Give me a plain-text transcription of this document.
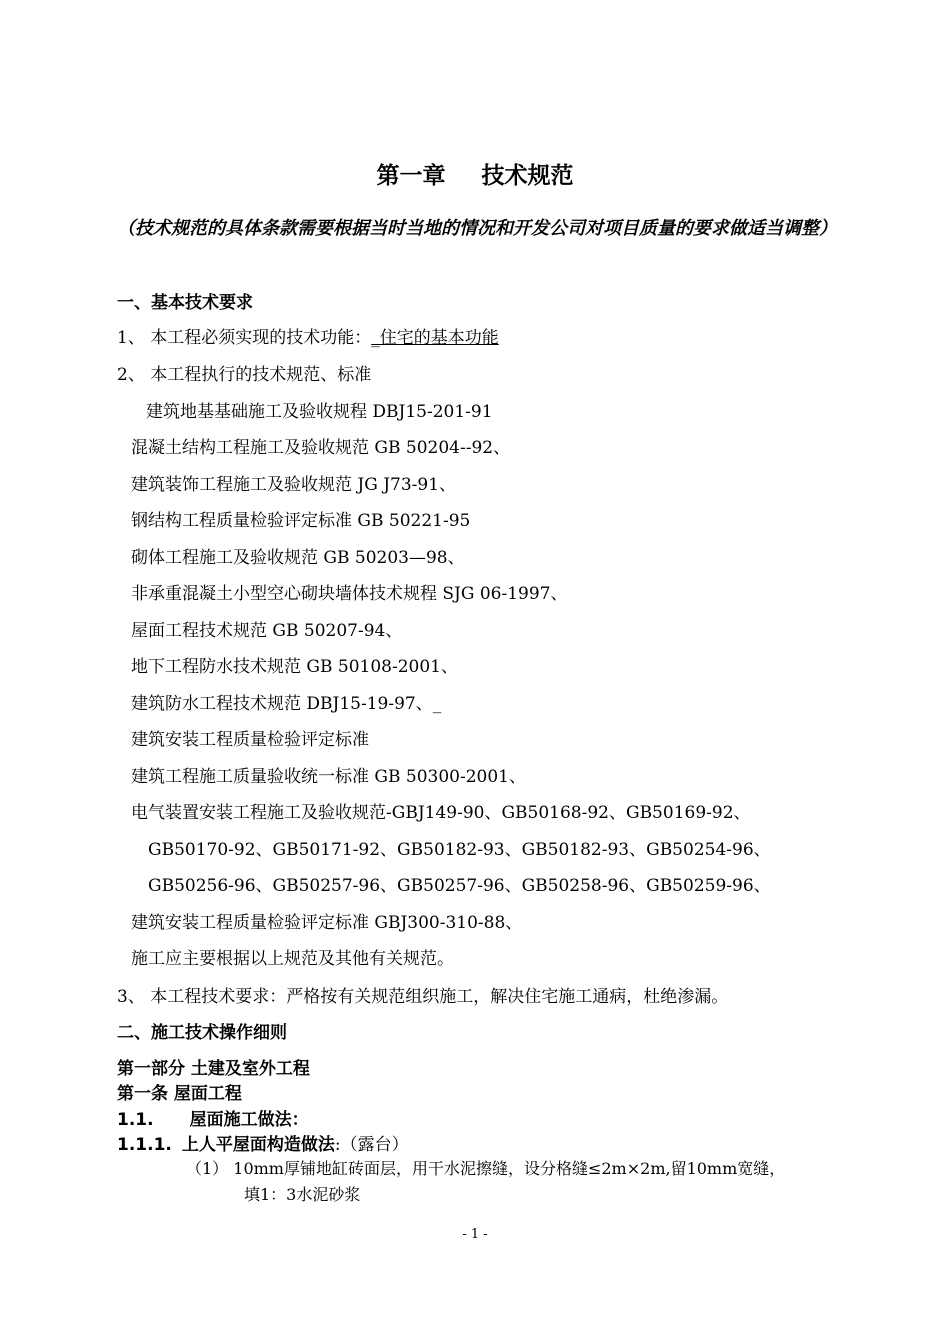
第一章 技术规范
（技术规范的具体条款需要根据当时当地的情况和开发公司对项目质量的要求做适当调整）
一、基本技术要求
1、 本工程必须实现的技术功能：_住宅的基本功能
2、 本工程执行的技术规范、标准
建筑地基基础施工及验收规程 DBJ15-201-91
混凝土结构工程施工及验收规范 GB 50204--92、
建筑装饰工程施工及验收规范 JG J73-91、
钢结构工程质量检验评定标准 GB 50221-95
砌体工程施工及验收规范 GB 50203—98、
非承重混凝土小型空心砌块墙体技术规程 SJG 06-1997、
屋面工程技术规范 GB 50207-94、
地下工程防水技术规范 GB 50108-2001、
建筑防水工程技术规范 DBJ15-19-97、_
建筑安装工程质量检验评定标准
建筑工程施工质量验收统一标准 GB 50300-2001、
电气装置安装工程施工及验收规范-GBJ149-90、GB50168-92、GB50169-92、
GB50170-92、GB50171-92、GB50182-93、GB50182-93、GB50254-96、
GB50256-96、GB50257-96、GB50257-96、GB50258-96、GB50259-96、
建筑安装工程质量检验评定标准 GBJ300-310-88、
施工应主要根据以上规范及其他有关规范。
3、 本工程技术要求：严格按有关规范组织施工，解决住宅施工通病，杜绝渗漏。
二、施工技术操作细则
第一部分 土建及室外工程
第一条 屋面工程
1.1. 屋面施工做法：
1.1.1. 上人平屋面构造做法:（露台）
（1） 10mm厚铺地缸砖面层，用干水泥擦缝，设分格缝≤2m×2m,留10mm宽缝，
填1：3水泥砂浆
- 1 -
